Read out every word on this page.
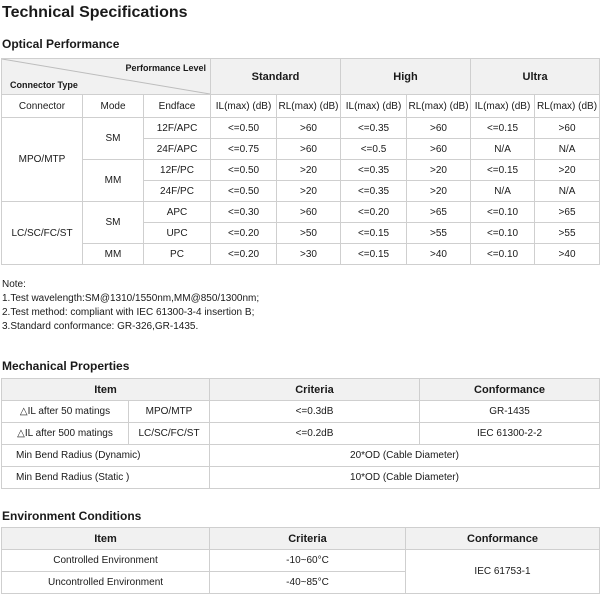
Technical Specifications
Optical Performance
Performance Level
Connector Type			Standard		High		Ultra	
Connector	Mode	Endface	IL(max) (dB)	RL(max) (dB)	IL(max) (dB)	RL(max) (dB)	IL(max) (dB)	RL(max) (dB)
MPO/MTP	SM	12F/APC	<=0.50	>60	<=0.35	>60	<=0.15	>60
		24F/APC	<=0.75	>60	<=0.5	>60	N/A	N/A
	MM	12F/PC	<=0.50	>20	<=0.35	>20	<=0.15	>20
		24F/PC	<=0.50	>20	<=0.35	>20	N/A	N/A
LC/SC/FC/ST	SM	APC	<=0.30	>60	<=0.20	>65	<=0.10	>65
		UPC	<=0.20	>50	<=0.15	>55	<=0.10	>55
	MM	PC	<=0.20	>30	<=0.15	>40	<=0.10	>40
Note:
1.Test wavelength:SM@1310/1550nm,MM@850/1300nm;
2.Test method: compliant with IEC 61300-3-4 insertion B;
3.Standard conformance: GR-326,GR-1435.
Mechanical Properties
Item		Criteria	Conformance
△IL after 50 matings	MPO/MTP	<=0.3dB	GR-1435
△IL after 500 matings	LC/SC/FC/ST	<=0.2dB	IEC 61300-2-2
Min Bend Radius (Dynamic)		20*OD (Cable Diameter)	
Min Bend Radius (Static )		10*OD (Cable Diameter)	
Environment Conditions
Item	Criteria	Conformance
Controlled Environment	-10~60°C	IEC 61753-1
Uncontrolled Environment	-40~85°C	
